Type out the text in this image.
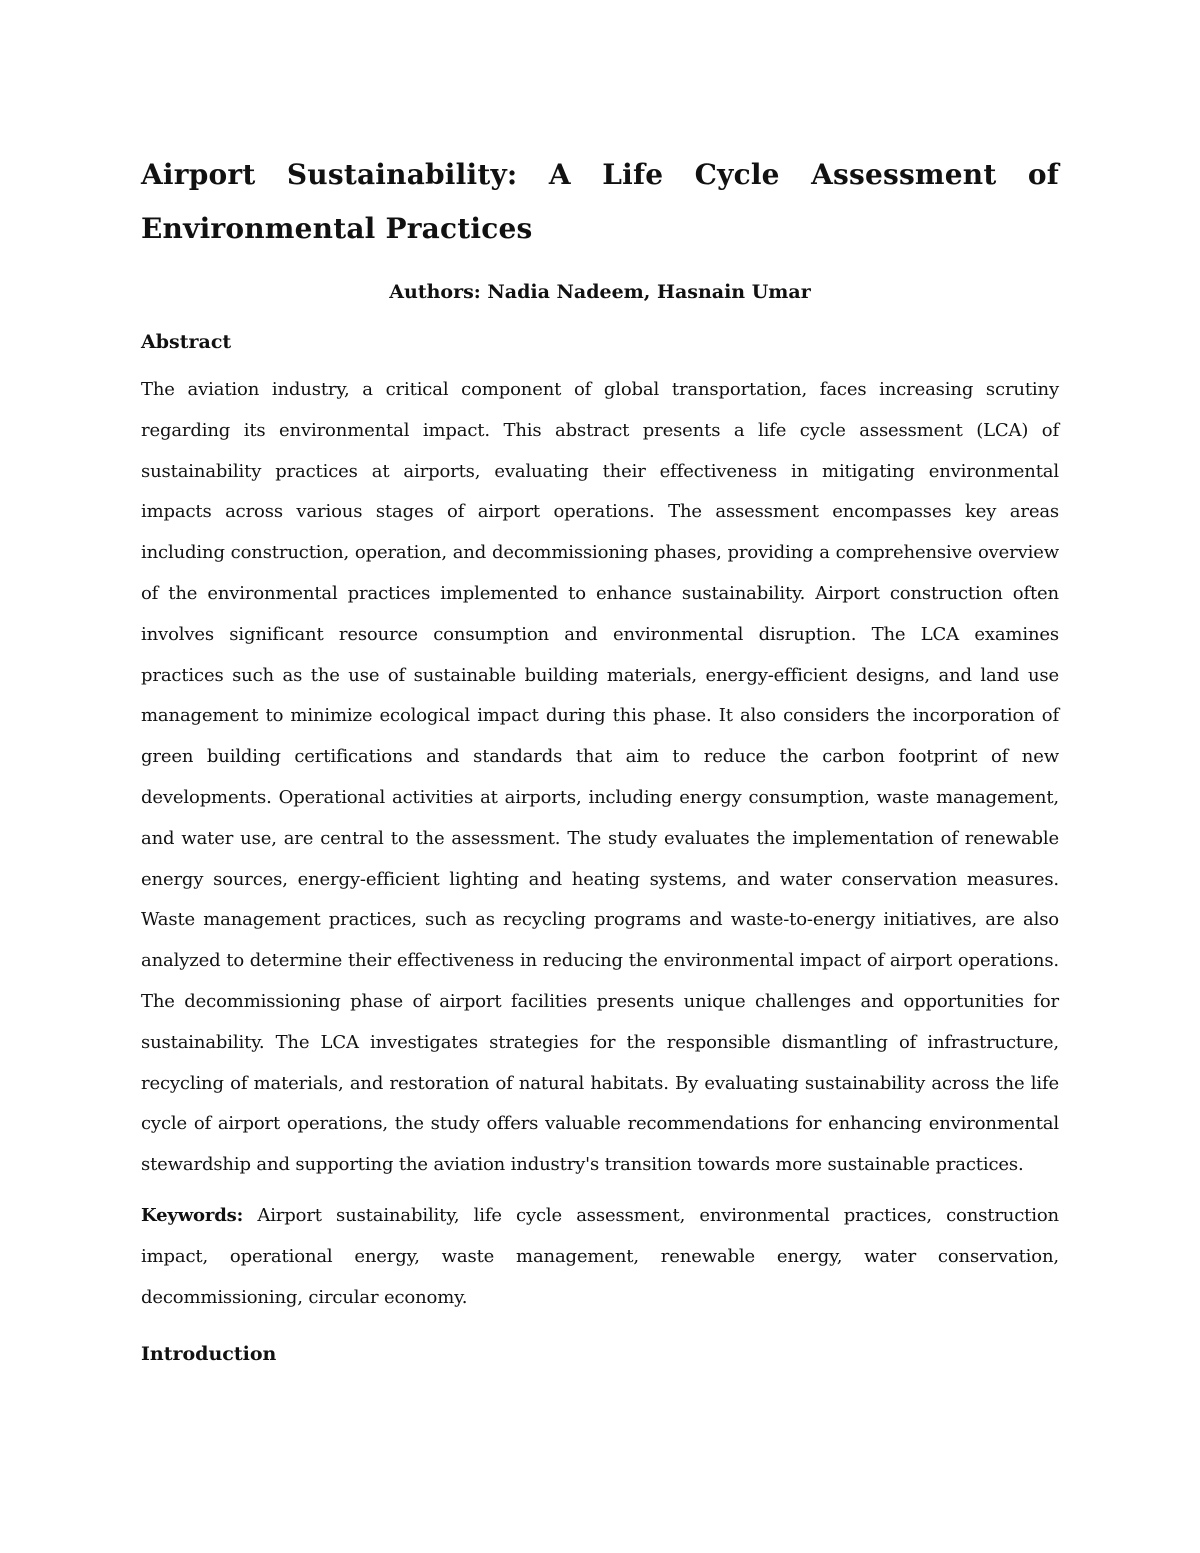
Airport Sustainability: A Life Cycle Assessment of Environmental Practices

Authors: Nadia Nadeem, Hasnain Umar

Abstract

The aviation industry, a critical component of global transportation, faces increasing scrutiny regarding its environmental impact. This abstract presents a life cycle assessment (LCA) of sustainability practices at airports, evaluating their effectiveness in mitigating environmental impacts across various stages of airport operations. The assessment encompasses key areas including construction, operation, and decommissioning phases, providing a comprehensive overview of the environmental practices implemented to enhance sustainability. Airport construction often involves significant resource consumption and environmental disruption. The LCA examines practices such as the use of sustainable building materials, energy-efficient designs, and land use management to minimize ecological impact during this phase. It also considers the incorporation of green building certifications and standards that aim to reduce the carbon footprint of new developments. Operational activities at airports, including energy consumption, waste management, and water use, are central to the assessment. The study evaluates the implementation of renewable energy sources, energy-efficient lighting and heating systems, and water conservation measures. Waste management practices, such as recycling programs and waste-to-energy initiatives, are also analyzed to determine their effectiveness in reducing the environmental impact of airport operations. The decommissioning phase of airport facilities presents unique challenges and opportunities for sustainability. The LCA investigates strategies for the responsible dismantling of infrastructure, recycling of materials, and restoration of natural habitats. By evaluating sustainability across the life cycle of airport operations, the study offers valuable recommendations for enhancing environmental stewardship and supporting the aviation industry's transition towards more sustainable practices.

Keywords: Airport sustainability, life cycle assessment, environmental practices, construction impact, operational energy, waste management, renewable energy, water conservation, decommissioning, circular economy.

Introduction
